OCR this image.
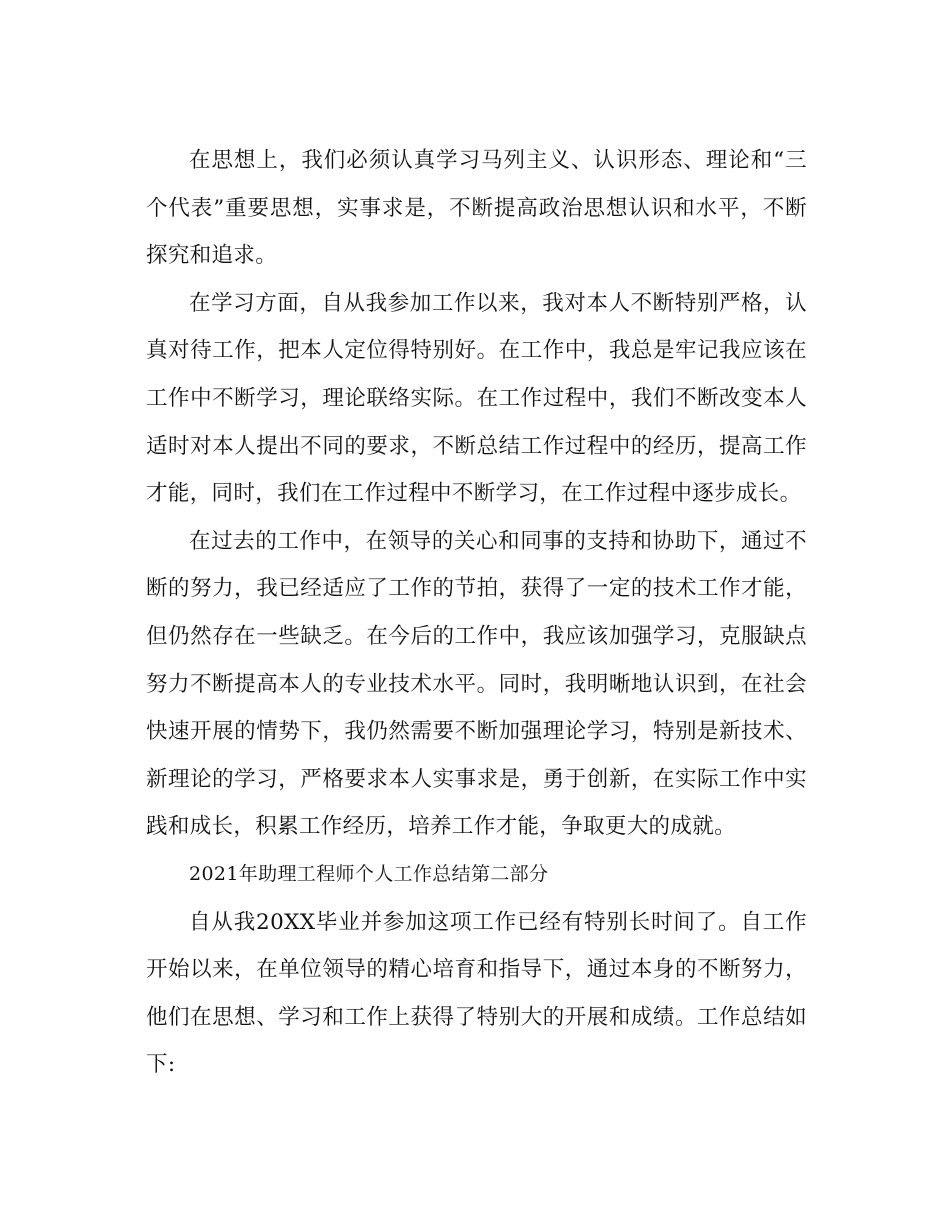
在思想上，我们必须认真学习马列主义、认识形态、理论和“三个代表”重要思想，实事求是，不断提高政治思想认识和水平，不断探究和追求。

在学习方面，自从我参加工作以来，我对本人不断特别严格，认真对待工作，把本人定位得特别好。在工作中，我总是牢记我应该在工作中不断学习，理论联络实际。在工作过程中，我们不断改变本人适时对本人提出不同的要求，不断总结工作过程中的经历，提高工作才能，同时，我们在工作过程中不断学习，在工作过程中逐步成长。

在过去的工作中，在领导的关心和同事的支持和协助下，通过不断的努力，我已经适应了工作的节拍，获得了一定的技术工作才能，但仍然存在一些缺乏。在今后的工作中，我应该加强学习，克服缺点努力不断提高本人的专业技术水平。同时，我明晰地认识到，在社会快速开展的情势下，我仍然需要不断加强理论学习，特别是新技术、新理论的学习，严格要求本人实事求是，勇于创新，在实际工作中实践和成长，积累工作经历，培养工作才能，争取更大的成就。

2021年助理工程师个人工作总结第二部分

自从我20XX毕业并参加这项工作已经有特别长时间了。自工作开始以来，在单位领导的精心培育和指导下，通过本身的不断努力，他们在思想、学习和工作上获得了特别大的开展和成绩。工作总结如下:
